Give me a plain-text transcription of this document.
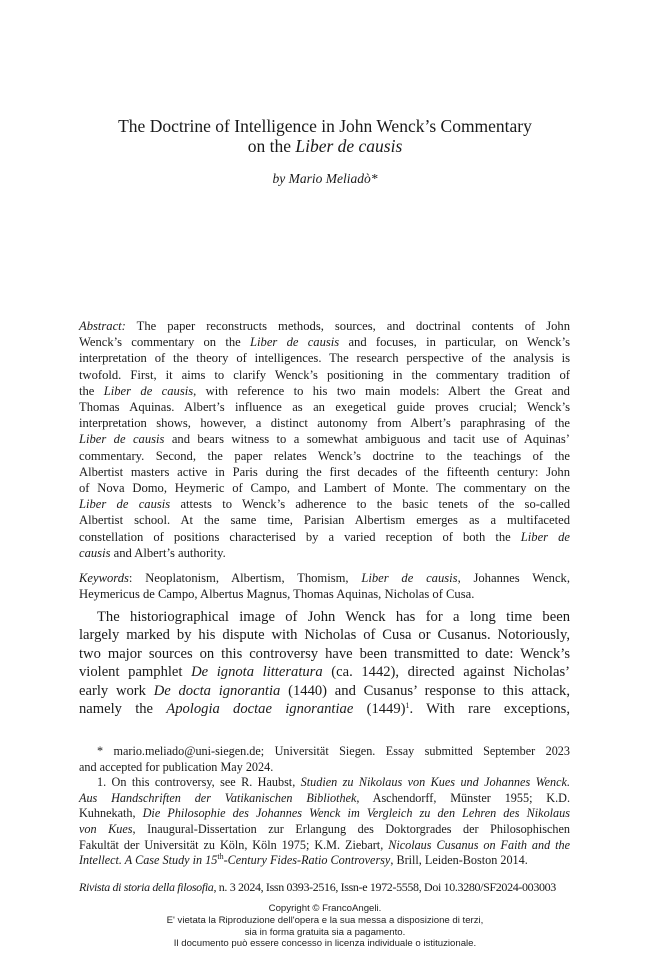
The Doctrine of Intelligence in John Wenck’s Commentary
on the Liber de causis
by Mario Meliadò*
Abstract: The paper reconstructs methods, sources, and doctrinal contents of John
Wenck’s commentary on the Liber de causis and focuses, in particular, on Wenck’s
interpretation of the theory of intelligences. The research perspective of the analysis is
twofold. First, it aims to clarify Wenck’s positioning in the commentary tradition of
the Liber de causis, with reference to his two main models: Albert the Great and
Thomas Aquinas. Albert’s influence as an exegetical guide proves crucial; Wenck’s
interpretation shows, however, a distinct autonomy from Albert’s paraphrasing of the
Liber de causis and bears witness to a somewhat ambiguous and tacit use of Aquinas’
commentary. Second, the paper relates Wenck’s doctrine to the teachings of the
Albertist masters active in Paris during the first decades of the fifteenth century: John
of Nova Domo, Heymeric of Campo, and Lambert of Monte. The commentary on the
Liber de causis attests to Wenck’s adherence to the basic tenets of the so-called
Albertist school. At the same time, Parisian Albertism emerges as a multifaceted
constellation of positions characterised by a varied reception of both the Liber de
causis and Albert’s authority.
Keywords: Neoplatonism, Albertism, Thomism, Liber de causis, Johannes Wenck,
Heymericus de Campo, Albertus Magnus, Thomas Aquinas, Nicholas of Cusa.
The historiographical image of John Wenck has for a long time been
largely marked by his dispute with Nicholas of Cusa or Cusanus. Notoriously,
two major sources on this controversy have been transmitted to date: Wenck’s
violent pamphlet De ignota litteratura (ca. 1442), directed against Nicholas’
early work De docta ignorantia (1440) and Cusanus’ response to this attack,
namely the Apologia doctae ignorantiae $(1449)^1$. With rare exceptions,
* mario.meliado@uni-siegen.de; Universität Siegen. Essay submitted September 2023
and accepted for publication May 2024.
1. On this controversy, see R. Haubst, Studien zu Nikolaus von Kues und Johannes Wenck.
Aus Handschriften der Vatikanischen Bibliothek, Aschendorff, Münster 1955; K.D.
Kuhnekath, Die Philosophie des Johannes Wenck im Vergleich zu den Lehren des Nikolaus
von Kues, Inaugural-Dissertation zur Erlangung des Doktorgrades der Philosophischen
Fakultät der Universität zu Köln, Köln 1975; K.M. Ziebart, Nicolaus Cusanus on Faith and the
Intellect. A Case Study in 15th-Century Fides-Ratio Controversy, Brill, Leiden-Boston 2014.
Rivista di storia della filosofia, n. 3 2024, Issn 0393-2516, Issn-e 1972-5558, Doi 10.3280/SF2024-003003
Copyright © FrancoAngeli.
E' vietata la Riproduzione dell'opera e la sua messa a disposizione di terzi,
sia in forma gratuita sia a pagamento.
Il documento può essere concesso in licenza individuale o istituzionale.
